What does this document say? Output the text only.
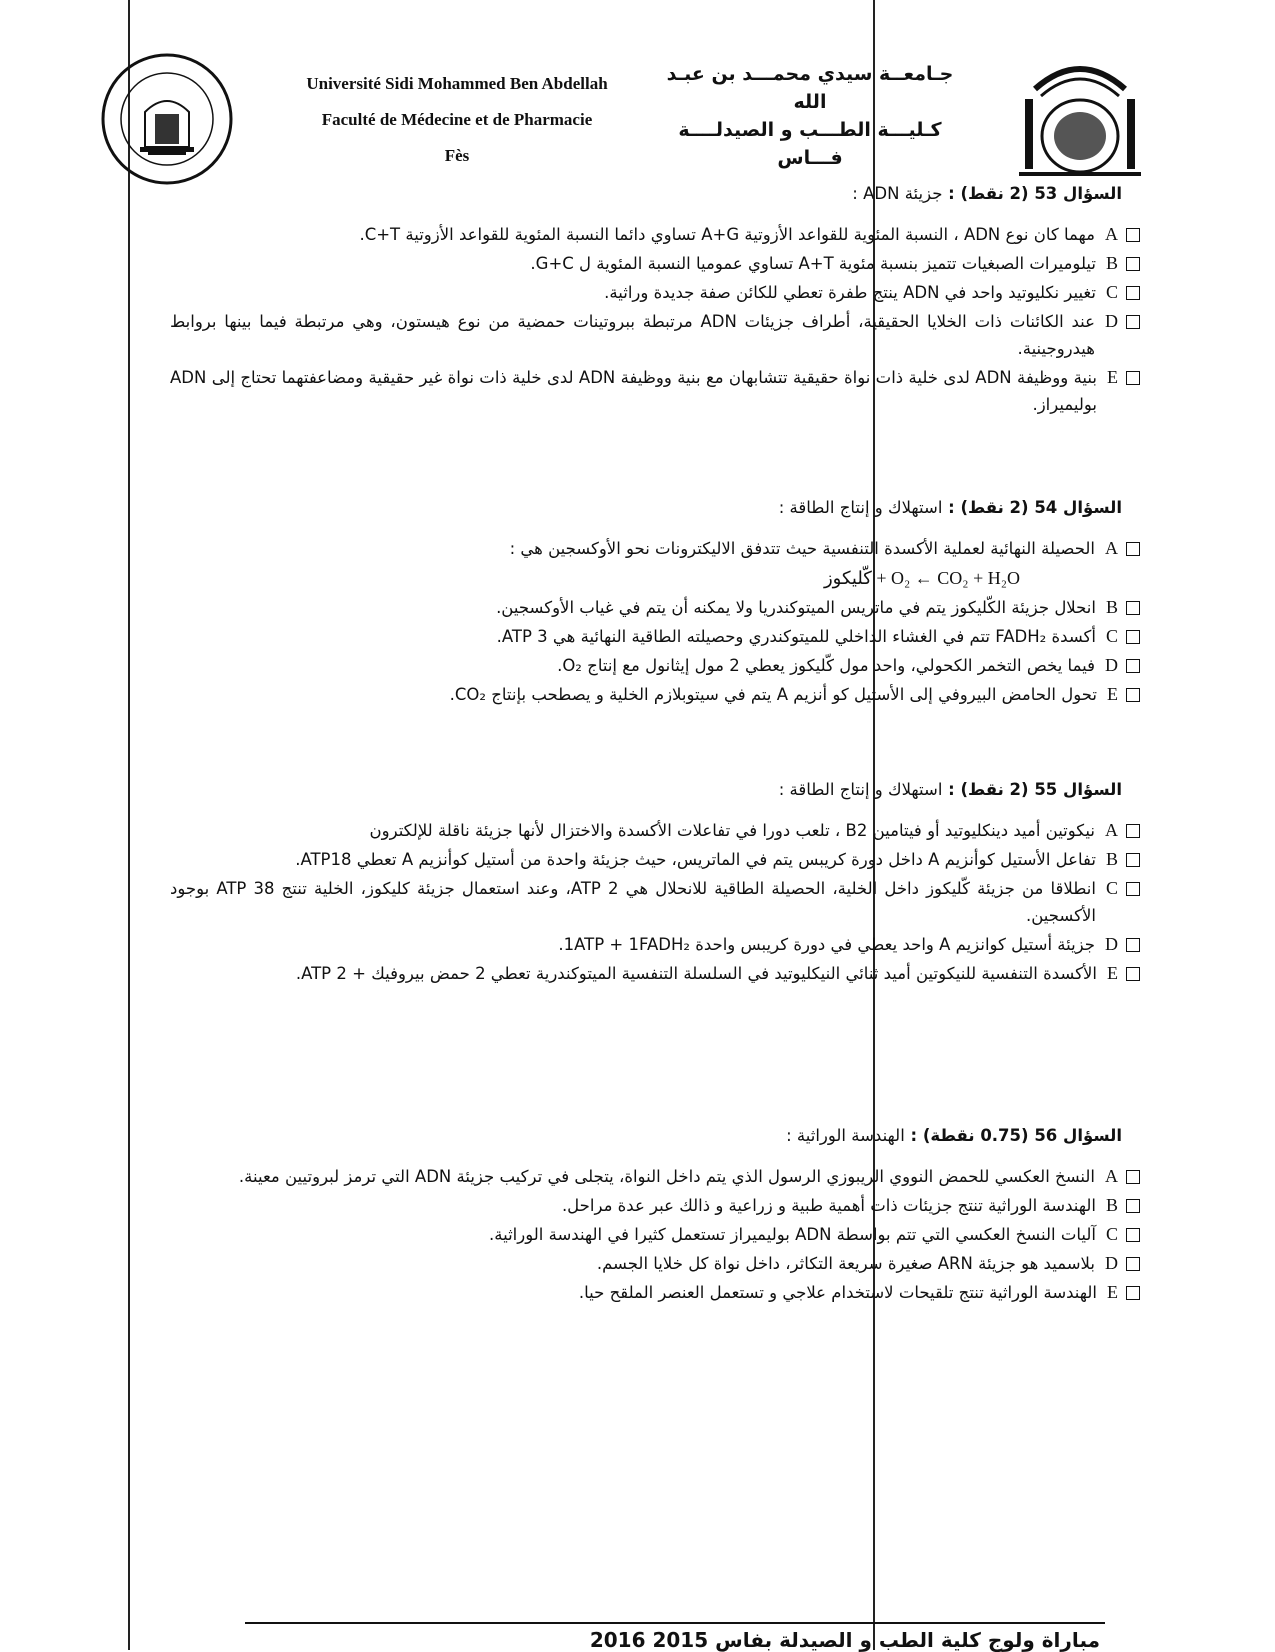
Université Sidi Mohammed Ben Abdellah
Faculté de Médecine et de Pharmacie
Fès
جـامعــة سيدي محمـــد بن عبـد الله
كـليـــة الطـــب و الصيدلــــة
فـــاس
السؤال 53 (2 نقط) : جزيئة ADN :
A
مهما كان نوع ADN ، النسبة المئوية للقواعد الأزوتية A+G تساوي دائما النسبة المئوية للقواعد الأزوتية C+T.
B
تيلوميرات الصبغيات تتميز بنسبة مئوية A+T تساوي عموميا النسبة المئوية ل G+C.
C
تغيير نكليوتيد واحد في ADN ينتج طفرة تعطي للكائن صفة جديدة وراثية.
D
عند الكائنات ذات الخلايا الحقيقية، أطراف جزيئات ADN مرتبطة ببروتينات حمضية من نوع هيستون، وهي مرتبطة فيما بينها بروابط هيدروجينية.
E
بنية ووظيفة ADN لدى خلية ذات نواة حقيقية تتشابهان مع بنية ووظيفة ADN لدى خلية ذات نواة غير حقيقية ومضاعفتهما تحتاج إلى ADN بوليميراز.
السؤال 54 (2 نقط) : استهلاك و إنتاج الطاقة :
A
الحصيلة النهائية لعملية الأكسدة التنفسية حيث تتدفق الاليكترونات نحو الأوكسجين هي :
كّليكوز + O₂ ← CO₂ + H₂O
B
انحلال جزيئة الكّليكوز يتم في ماتريس الميتوكندريا ولا يمكنه أن يتم في غياب الأوكسجين.
C
أكسدة FADH₂ تتم في الغشاء الداخلي للميتوكندري وحصيلته الطاقية النهائية هي ATP 3.
D
فيما يخص التخمر الكحولي، واحد مول كّليكوز يعطي 2 مول إيثانول مع إنتاج O₂.
E
تحول الحامض البيروفي إلى الأستيل كو أنزيم A يتم في سيتوبلازم الخلية و يصطحب بإنتاج CO₂.
السؤال 55 (2 نقط) : استهلاك و إنتاج الطاقة :
A
نيكوتين أميد دينكليوتيد أو فيتامين B2 ، تلعب دورا في تفاعلات الأكسدة والاختزال لأنها جزيئة ناقلة للإلكترون
B
تفاعل الأستيل كوأنزيم A داخل دورة كريبس يتم في الماتريس، حيث جزيئة واحدة من أستيل كوأنزيم A تعطي ATP18.
C
انطلاقا من جزيئة كّليكوز داخل الخلية، الحصيلة الطاقية للانحلال هي ATP 2، وعند استعمال جزيئة كليكوز، الخلية تنتج ATP 38 بوجود الأكسجين.
D
جزيئة أستيل كوانزيم A واحد يعطي في دورة كريبس واحدة 1ATP + 1FADH₂.
E
الأكسدة التنفسية للنيكوتين أميد ثنائي النيكليوتيد في السلسلة التنفسية الميتوكندرية تعطي 2 حمض بيروفيك + 2 ATP.
السؤال 56 (0.75 نقطة) : الهندسة الوراثية :
A
النسخ العكسي للحمض النووي الريبوزي الرسول الذي يتم داخل النواة، يتجلى في تركيب جزيئة ADN التي ترمز لبروتيين معينة.
B
الهندسة الوراثية تنتج جزيئات ذات أهمية طبية و زراعية و ذالك عبر عدة مراحل.
C
آليات النسخ العكسي التي تتم بواسطة ADN بوليميراز تستعمل كثيرا في الهندسة الوراثية.
D
بلاسميد هو جزيئة ARN صغيرة سريعة التكاثر، داخل نواة كل خلايا الجسم.
E
الهندسة الوراثية تنتج تلقيحات لاستخدام علاجي و تستعمل العنصر الملقح حيا.
مباراة ولوج كلية الطب و الصيدلة بفاس 2015 2016
